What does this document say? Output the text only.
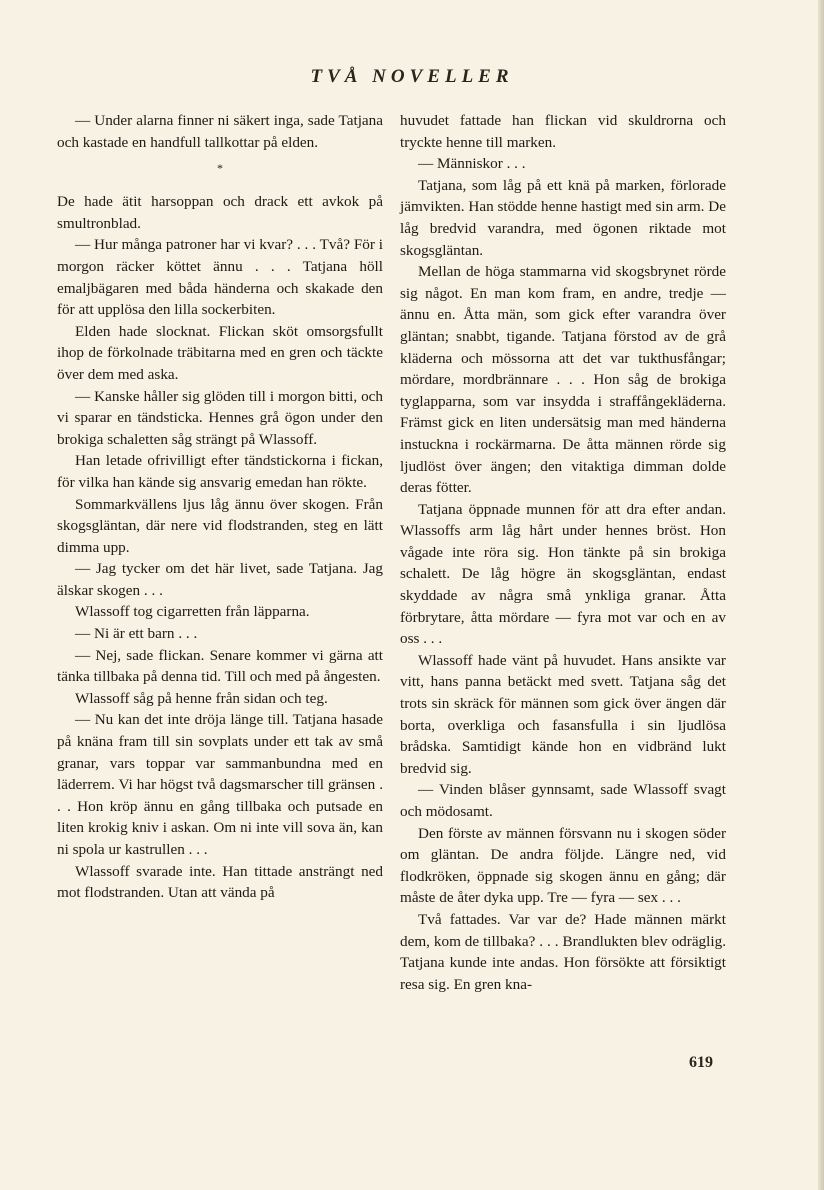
TVÅ NOVELLER

— Under alarna finner ni säkert inga, sade Tatjana och kastade en handfull tallkottar på elden.

*

De hade ätit harsoppan och drack ett avkok på smultronblad.

— Hur många patroner har vi kvar? . . . Två? För i morgon räcker köttet ännu . . . Tatjana höll emaljbägaren med båda händerna och skakade den för att upplösa den lilla sockerbiten.

Elden hade slocknat. Flickan sköt omsorgsfullt ihop de förkolnade träbitarna med en gren och täckte över dem med aska.

— Kanske håller sig glöden till i morgon bitti, och vi sparar en tändsticka. Hennes grå ögon under den brokiga schaletten såg strängt på Wlassoff.

Han letade ofrivilligt efter tändstickorna i fickan, för vilka han kände sig ansvarig emedan han rökte.

Sommarkvällens ljus låg ännu över skogen. Från skogsgläntan, där nere vid flodstranden, steg en lätt dimma upp.

— Jag tycker om det här livet, sade Tatjana. Jag älskar skogen . . .

Wlassoff tog cigarretten från läpparna.

— Ni är ett barn . . .

— Nej, sade flickan. Senare kommer vi gärna att tänka tillbaka på denna tid. Till och med på ångesten.

Wlassoff såg på henne från sidan och teg.

— Nu kan det inte dröja länge till. Tatjana hasade på knäna fram till sin sovplats under ett tak av små granar, vars toppar var sammanbundna med en läderrem. Vi har högst två dagsmarscher till gränsen . . . Hon kröp ännu en gång tillbaka och putsade en liten krokig kniv i askan. Om ni inte vill sova än, kan ni spola ur kastrullen . . .

Wlassoff svarade inte. Han tittade ansträngt ned mot flodstranden. Utan att vända på

huvudet fattade han flickan vid skuldrorna och tryckte henne till marken.

— Människor . . .

Tatjana, som låg på ett knä på marken, förlorade jämvikten. Han stödde henne hastigt med sin arm. De låg bredvid varandra, med ögonen riktade mot skogsgläntan.

Mellan de höga stammarna vid skogsbrynet rörde sig något. En man kom fram, en andre, tredje — ännu en. Åtta män, som gick efter varandra över gläntan; snabbt, tigande. Tatjana förstod av de grå kläderna och mössorna att det var tukthusfångar; mördare, mordbrännare . . . Hon såg de brokiga tyglapparna, som var insydda i straffångekläderna. Främst gick en liten undersätsig man med händerna instuckna i rockärmarna. De åtta männen rörde sig ljudlöst över ängen; den vitaktiga dimman dolde deras fötter.

Tatjana öppnade munnen för att dra efter andan. Wlassoffs arm låg hårt under hennes bröst. Hon vågade inte röra sig. Hon tänkte på sin brokiga schalett. De låg högre än skogsgläntan, endast skyddade av några små ynkliga granar. Åtta förbrytare, åtta mördare — fyra mot var och en av oss . . .

Wlassoff hade vänt på huvudet. Hans ansikte var vitt, hans panna betäckt med svett. Tatjana såg det trots sin skräck för männen som gick över ängen där borta, overkliga och fasansfulla i sin ljudlösa brådska. Samtidigt kände hon en vidbränd lukt bredvid sig.

— Vinden blåser gynnsamt, sade Wlassoff svagt och mödosamt.

Den förste av männen försvann nu i skogen söder om gläntan. De andra följde. Längre ned, vid flodkröken, öppnade sig skogen ännu en gång; där måste de åter dyka upp. Tre — fyra — sex . . .

Två fattades. Var var de? Hade männen märkt dem, kom de tillbaka? . . . Brandlukten blev odräglig. Tatjana kunde inte andas. Hon försökte att försiktigt resa sig. En gren kna-

619
